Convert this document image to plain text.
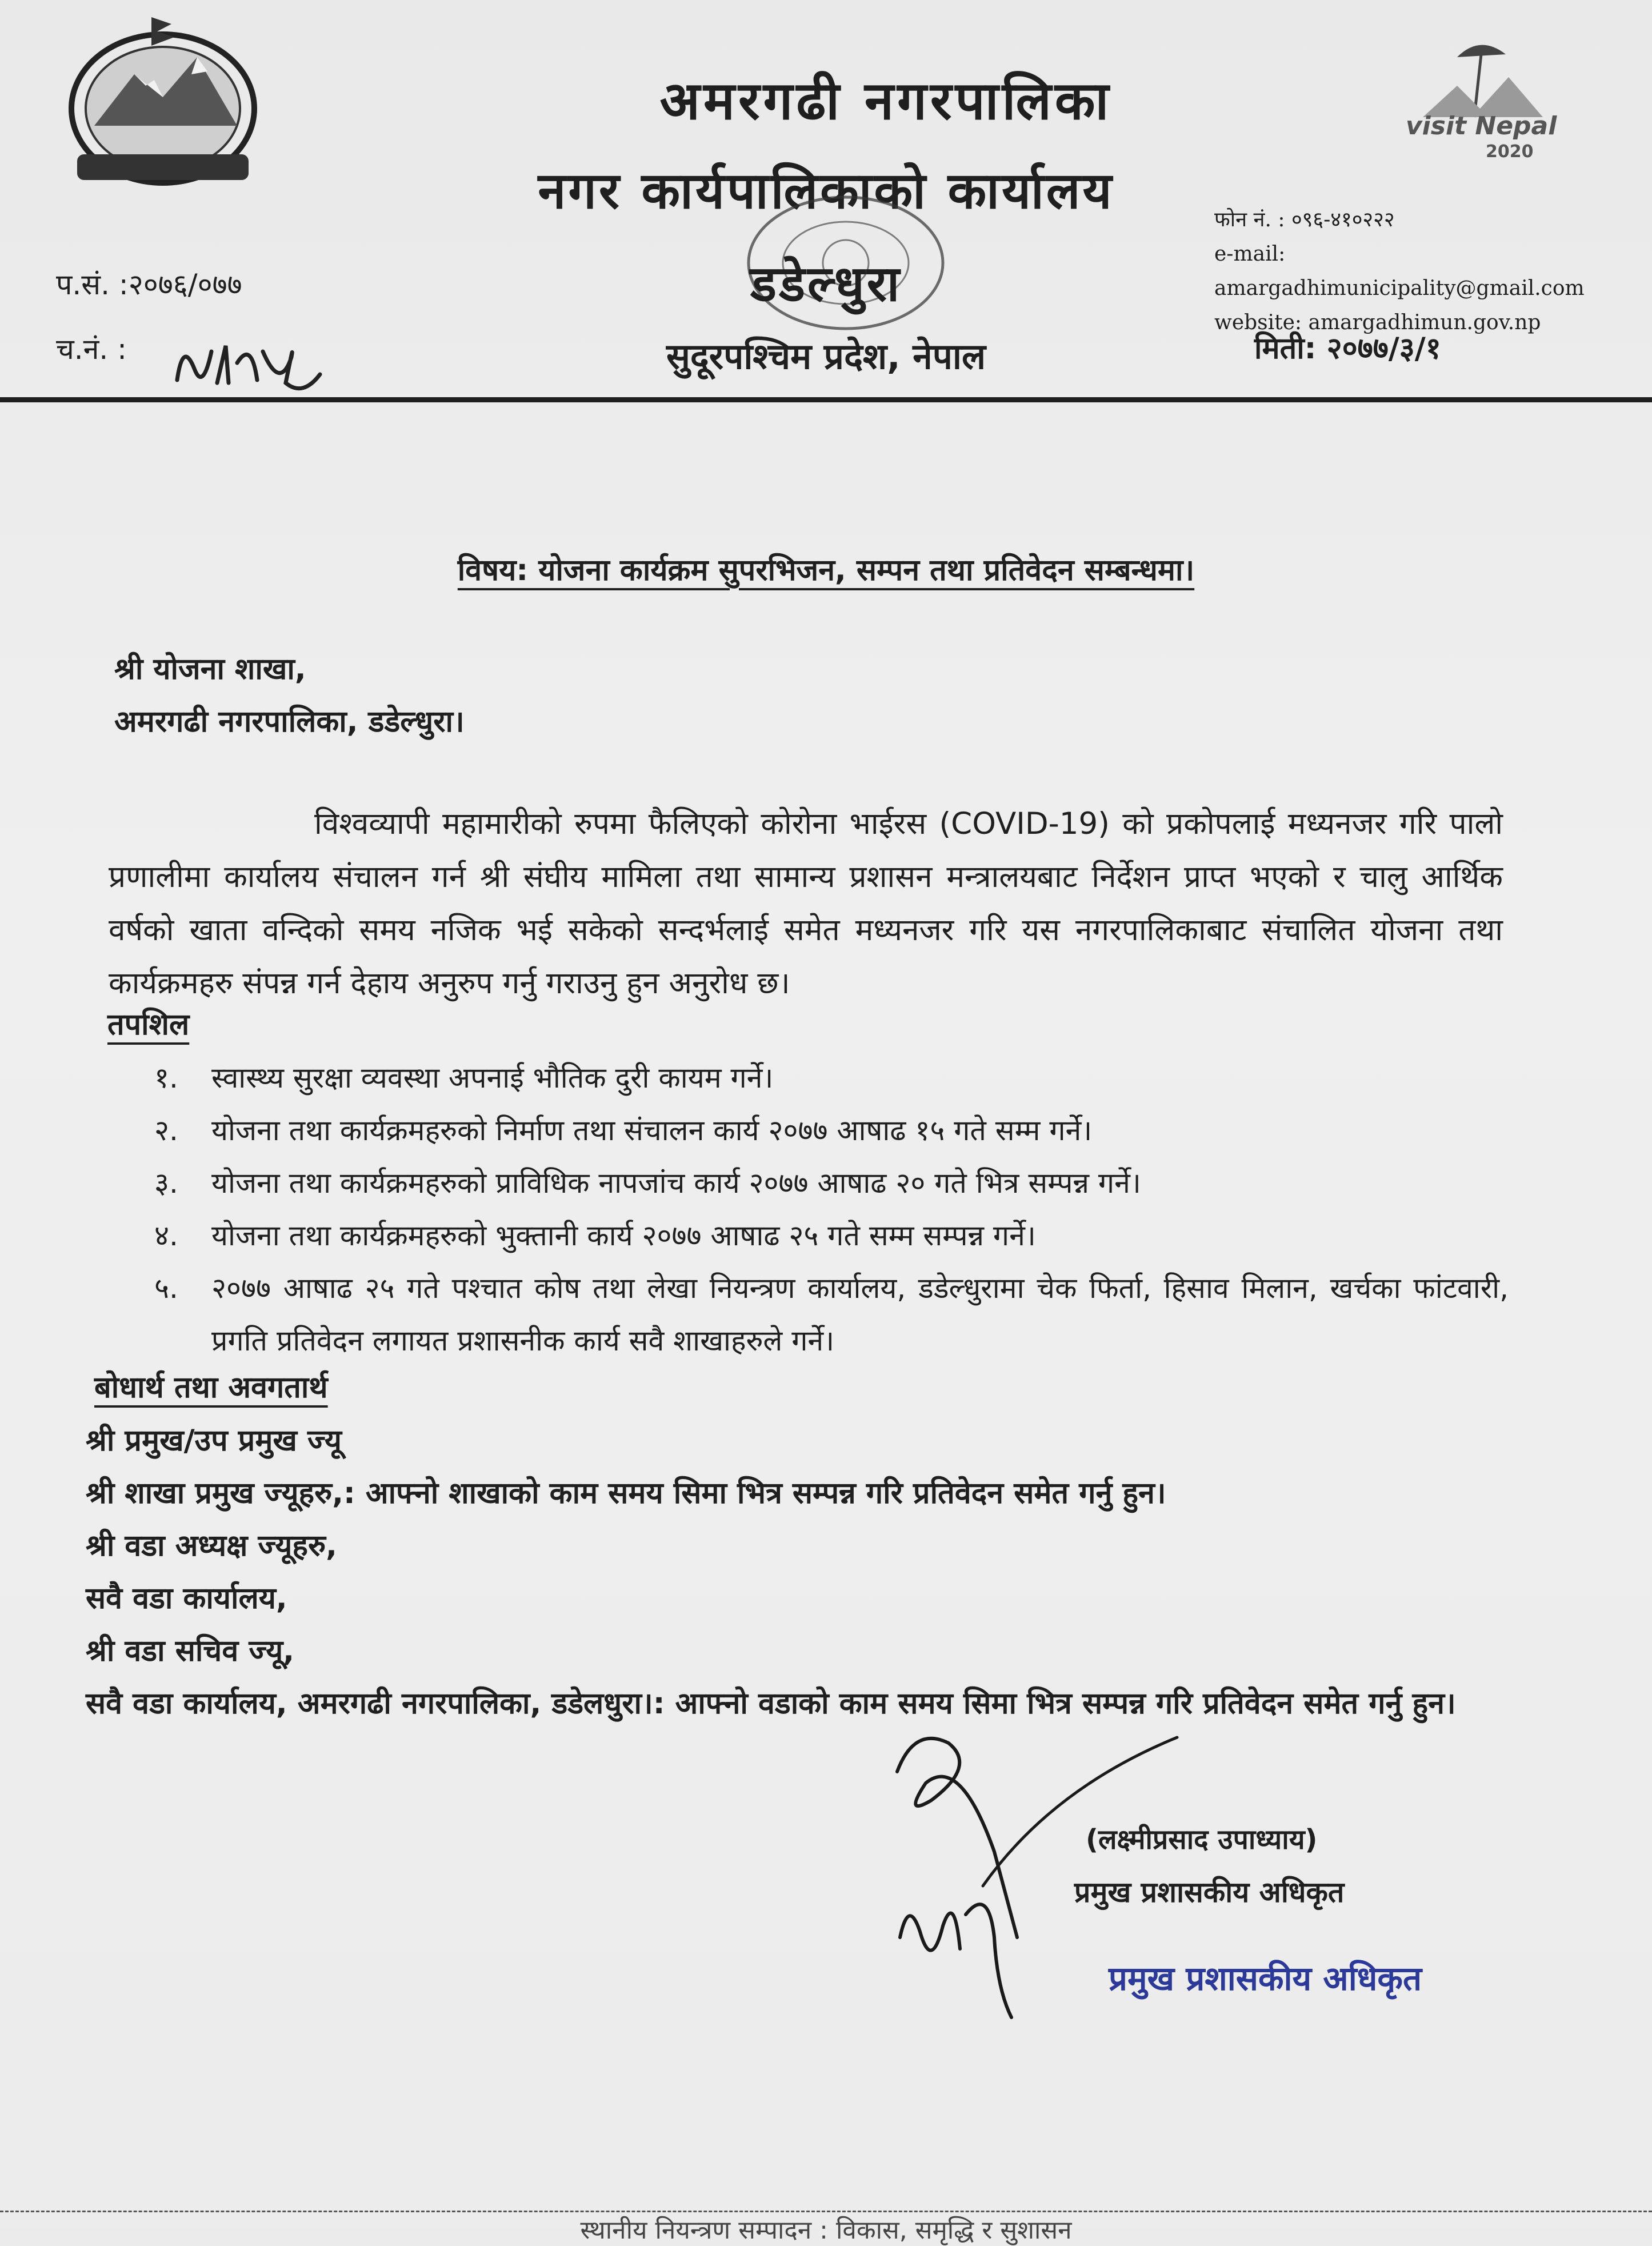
visit Nepal
2020
अमरगढी नगरपालिका
नगर कार्यपालिकाको कार्यालय
डडेल्धुरा
सुदूरपश्चिम प्रदेश, नेपाल
प.सं. :२०७६/०७७
च.नं. :
फोन नं. : ०९६-४१०२२२
e-mail: amargadhimunicipality@gmail.com
website: amargadhimun.gov.np
मिती: २०७७/३/१
विषय: योजना कार्यक्रम सुपरभिजन, सम्पन तथा प्रतिवेदन सम्बन्धमा।
श्री योजना शाखा,
अमरगढी नगरपालिका, डडेल्धुरा।
विश्वव्यापी महामारीको रुपमा फैलिएको कोरोना भाईरस (COVID-19) को प्रकोपलाई मध्यनजर गरि पालो प्रणालीमा कार्यालय संचालन गर्न श्री संघीय मामिला तथा सामान्य प्रशासन मन्त्रालयबाट निर्देशन प्राप्त भएको र चालु आर्थिक वर्षको खाता वन्दिको समय नजिक भई सकेको सन्दर्भलाई समेत मध्यनजर गरि यस नगरपालिकाबाट संचालित योजना तथा कार्यक्रमहरु संपन्न गर्न देहाय अनुरुप गर्नु गराउनु हुन अनुरोध छ।
तपशिल
१.	स्वास्थ्य सुरक्षा व्यवस्था अपनाई भौतिक दुरी कायम गर्ने।
२.	योजना तथा कार्यक्रमहरुको निर्माण तथा संचालन कार्य २०७७ आषाढ १५ गते सम्म गर्ने।
३.	योजना तथा कार्यक्रमहरुको प्राविधिक नापजांच कार्य २०७७ आषाढ २० गते भित्र सम्पन्न गर्ने।
४.	योजना तथा कार्यक्रमहरुको भुक्तानी कार्य २०७७ आषाढ २५ गते सम्म सम्पन्न गर्ने।
५.	२०७७ आषाढ २५ गते पश्चात कोष तथा लेखा नियन्त्रण कार्यालय, डडेल्धुरामा चेक फिर्ता, हिसाव मिलान, खर्चका फांटवारी, प्रगति प्रतिवेदन लगायत प्रशासनीक कार्य सवै शाखाहरुले गर्ने।
बोधार्थ तथा अवगतार्थ
श्री प्रमुख/उप प्रमुख ज्यू
श्री शाखा प्रमुख ज्यूहरु,: आफ्नो शाखाको काम समय सिमा भित्र सम्पन्न गरि प्रतिवेदन समेत गर्नु हुन।
श्री वडा अध्यक्ष ज्यूहरु,
सवै वडा कार्यालय,
श्री वडा सचिव ज्यू,
सवै वडा कार्यालय, अमरगढी नगरपालिका, डडेलधुरा।: आफ्नो वडाको काम समय सिमा भित्र सम्पन्न गरि प्रतिवेदन समेत गर्नु हुन।
(लक्ष्मीप्रसाद उपाध्याय)
प्रमुख प्रशासकीय अधिकृत
प्रमुख प्रशासकीय अधिकृत
स्थानीय नियन्त्रण सम्पादन : विकास, समृद्धि र सुशासन
